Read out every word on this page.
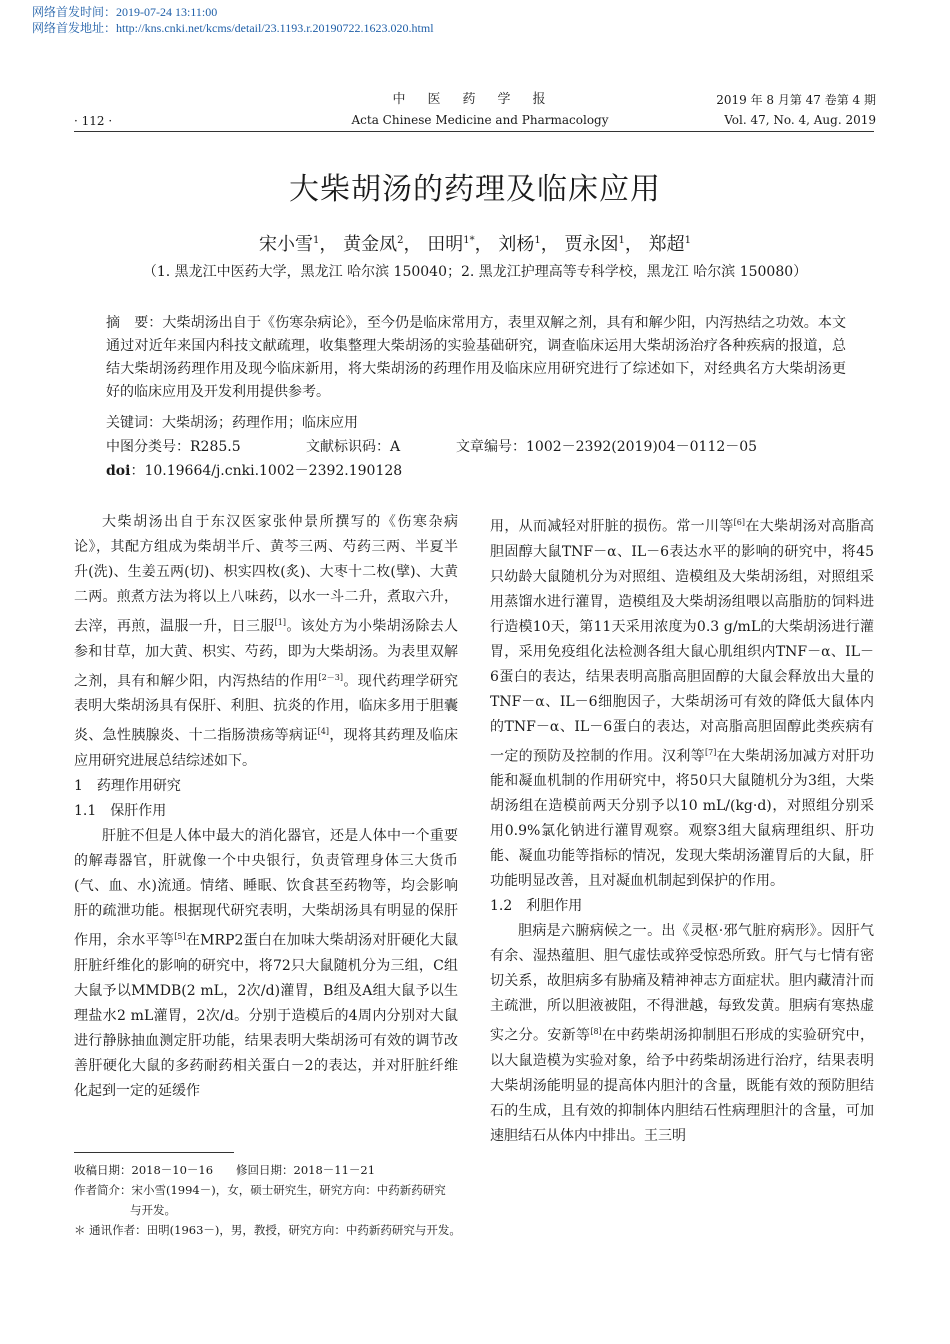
网络首发时间：2019-07-24 13:11:00
网络首发地址：http://kns.cnki.net/kcms/detail/23.1193.r.20190722.1623.020.html
· 112 ·
中医药学报
Acta Chinese Medicine and Pharmacology
2019 年 8 月第 47 卷第 4 期
Vol. 47, No. 4, Aug. 2019
大柴胡汤的药理及临床应用
宋小雪$^1$， 黄金凤$^2$， 田明$^{1*}$， 刘杨$^1$， 贾永囡$^1$， 郑超$^1$
（1. 黑龙江中医药大学，黑龙江 哈尔滨 150040；2. 黑龙江护理高等专科学校，黑龙江 哈尔滨 150080）
摘　要：大柴胡汤出自于《伤寒杂病论》，至今仍是临床常用方，表里双解之剂，具有和解少阳，内泻热结之功效。本文通过对近年来国内科技文献疏理，收集整理大柴胡汤的实验基础研究，调查临床运用大柴胡汤治疗各种疾病的报道，总结大柴胡汤药理作用及现今临床新用，将大柴胡汤的药理作用及临床应用研究进行了综述如下，对经典名方大柴胡汤更好的临床应用及开发利用提供参考。
关键词：大柴胡汤；药理作用；临床应用
中图分类号：R285.5	文献标识码：A	文章编号：1002－2392(2019)04－0112－05
doi：10.19664/j.cnki.1002－2392.190128

大柴胡汤出自于东汉医家张仲景所撰写的《伤寒杂病论》，其配方组成为柴胡半斤、黄芩三两、芍药三两、半夏半升(洗)、生姜五两(切)、枳实四枚(炙)、大枣十二枚(擘)、大黄二两。煎煮方法为将以上八味药，以水一斗二升，煮取六升，去滓，再煎，温服一升，日三服[1]。该处方为小柴胡汤除去人参和甘草，加大黄、枳实、芍药，即为大柴胡汤。为表里双解之剂，具有和解少阳，内泻热结的作用[2－3]。现代药理学研究表明大柴胡汤具有保肝、利胆、抗炎的作用，临床多用于胆囊炎、急性胰腺炎、十二指肠溃疡等病证[4]，现将其药理及临床应用研究进展总结综述如下。

1　药理作用研究
1.1　保肝作用

肝脏不但是人体中最大的消化器官，还是人体中一个重要的解毒器官，肝就像一个中央银行，负责管理身体三大货币(气、血、水)流通。情绪、睡眠、饮食甚至药物等，均会影响肝的疏泄功能。根据现代研究表明，大柴胡汤具有明显的保肝作用，余水平等[5]在MRP2蛋白在加味大柴胡汤对肝硬化大鼠肝脏纤维化的影响的研究中，将72只大鼠随机分为三组，C组大鼠予以MMDB(2 mL，2次/d)灌胃，B组及A组大鼠予以生理盐水2 mL灌胃，2次/d。分别于造模后的4周内分别对大鼠进行静脉抽血测定肝功能，结果表明大柴胡汤可有效的调节改善肝硬化大鼠的多药耐药相关蛋白－2的表达，并对肝脏纤维化起到一定的延缓作

用，从而减轻对肝脏的损伤。常一川等[6]在大柴胡汤对高脂高胆固醇大鼠TNF－α、IL－6表达水平的影响的研究中，将45只幼龄大鼠随机分为对照组、造模组及大柴胡汤组，对照组采用蒸馏水进行灌胃，造模组及大柴胡汤组喂以高脂肪的饲料进行造模10天，第11天采用浓度为0.3 g/mL的大柴胡汤进行灌胃，采用免疫组化法检测各组大鼠心肌组织内TNF－α、IL－6蛋白的表达，结果表明高脂高胆固醇的大鼠会释放出大量的TNF－α、IL－6细胞因子，大柴胡汤可有效的降低大鼠体内的TNF－α、IL－6蛋白的表达，对高脂高胆固醇此类疾病有一定的预防及控制的作用。汉利等[7]在大柴胡汤加减方对肝功能和凝血机制的作用研究中，将50只大鼠随机分为3组，大柴胡汤组在造模前两天分别予以10 mL/(kg·d)，对照组分别采用0.9%氯化钠进行灌胃观察。观察3组大鼠病理组织、肝功能、凝血功能等指标的情况，发现大柴胡汤灌胃后的大鼠，肝功能明显改善，且对凝血机制起到保护的作用。

1.2　利胆作用

胆病是六腑病候之一。出《灵枢·邪气脏府病形》。因肝气有余、湿热蕴胆、胆气虚怯或猝受惊恐所致。肝气与七情有密切关系，故胆病多有胁痛及精神神志方面症状。胆内藏清汁而主疏泄，所以胆液被阻，不得泄越，每致发黄。胆病有寒热虚实之分。安新等[8]在中药柴胡汤抑制胆石形成的实验研究中，以大鼠造模为实验对象，给予中药柴胡汤进行治疗，结果表明大柴胡汤能明显的提高体内胆汁的含量，既能有效的预防胆结石的生成，且有效的抑制体内胆结石性病理胆汁的含量，可加速胆结石从体内中排出。王三明

收稿日期：2018－10－16　　修回日期：2018－11－21
作者简介：宋小雪(1994－)，女，硕士研究生，研究方向：中药新药研究
与开发。
＊ 通讯作者：田明(1963－)，男，教授，研究方向：中药新药研究与开发。
